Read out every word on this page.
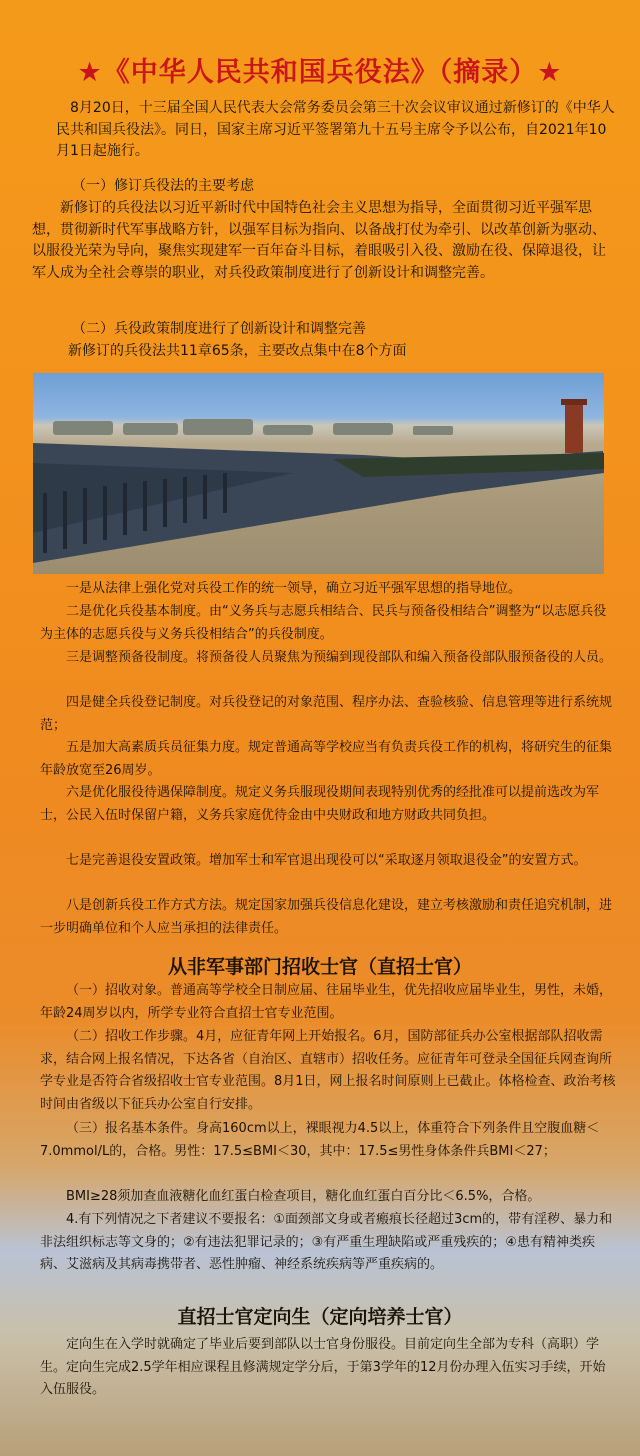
★《中华人民共和国兵役法》（摘录）★

8月20日，十三届全国人民代表大会常务委员会第三十次会议审议通过新修订的《中华人民共和国兵役法》。同日，国家主席习近平签署第九十五号主席令予以公布，自2021年10月1日起施行。

（一）修订兵役法的主要考虑

新修订的兵役法以习近平新时代中国特色社会主义思想为指导，全面贯彻习近平强军思想，贯彻新时代军事战略方针，以强军目标为指向、以备战打仗为牵引、以改革创新为驱动、以服役光荣为导向，聚焦实现建军一百年奋斗目标，着眼吸引入役、激励在役、保障退役，让军人成为全社会尊崇的职业，对兵役政策制度进行了创新设计和调整完善。

（二）兵役政策制度进行了创新设计和调整完善

新修订的兵役法共11章65条，主要改点集中在8个方面

一是从法律上强化党对兵役工作的统一领导，确立习近平强军思想的指导地位。

二是优化兵役基本制度。由“义务兵与志愿兵相结合、民兵与预备役相结合”调整为“以志愿兵役为主体的志愿兵役与义务兵役相结合”的兵役制度。

三是调整预备役制度。将预备役人员聚焦为预编到现役部队和编入预备役部队服预备役的人员。

四是健全兵役登记制度。对兵役登记的对象范围、程序办法、查验核验、信息管理等进行系统规范；

五是加大高素质兵员征集力度。规定普通高等学校应当有负责兵役工作的机构，将研究生的征集年龄放宽至26周岁。

六是优化服役待遇保障制度。规定义务兵服现役期间表现特别优秀的经批准可以提前选改为军士，公民入伍时保留户籍，义务兵家庭优待金由中央财政和地方财政共同负担。

七是完善退役安置政策。增加军士和军官退出现役可以“采取逐月领取退役金”的安置方式。

八是创新兵役工作方式方法。规定国家加强兵役信息化建设，建立考核激励和责任追究机制，进一步明确单位和个人应当承担的法律责任。

从非军事部门招收士官（直招士官）

（一）招收对象。普通高等学校全日制应届、往届毕业生，优先招收应届毕业生，男性，未婚，年龄24周岁以内，所学专业符合直招士官专业范围。

（二）招收工作步骤。4月，应征青年网上开始报名。6月，国防部征兵办公室根据部队招收需求，结合网上报名情况，下达各省（自治区、直辖市）招收任务。应征青年可登录全国征兵网查询所学专业是否符合省级招收士官专业范围。8月1日，网上报名时间原则上已截止。体格检查、政治考核时间由省级以下征兵办公室自行安排。

（三）报名基本条件。身高160cm以上，裸眼视力4.5以上，体重符合下列条件且空腹血糖＜7.0mmol/L的，合格。男性：17.5≤BMI＜30，其中：17.5≤男性身体条件兵BMI＜27；

BMI≥28须加查血液糖化血红蛋白检查项目，糖化血红蛋白百分比＜6.5%，合格。

4.有下列情况之下者建议不要报名：①面颈部文身或者瘢痕长径超过3cm的，带有淫秽、暴力和非法组织标志等文身的；②有违法犯罪记录的；③有严重生理缺陷或严重残疾的；④患有精神类疾病、艾滋病及其病毒携带者、恶性肿瘤、神经系统疾病等严重疾病的。

直招士官定向生（定向培养士官）

定向生在入学时就确定了毕业后要到部队以士官身份服役。目前定向生全部为专科（高职）学生。定向生完成2.5学年相应课程且修满规定学分后，于第3学年的12月份办理入伍实习手续，开始入伍服役。
